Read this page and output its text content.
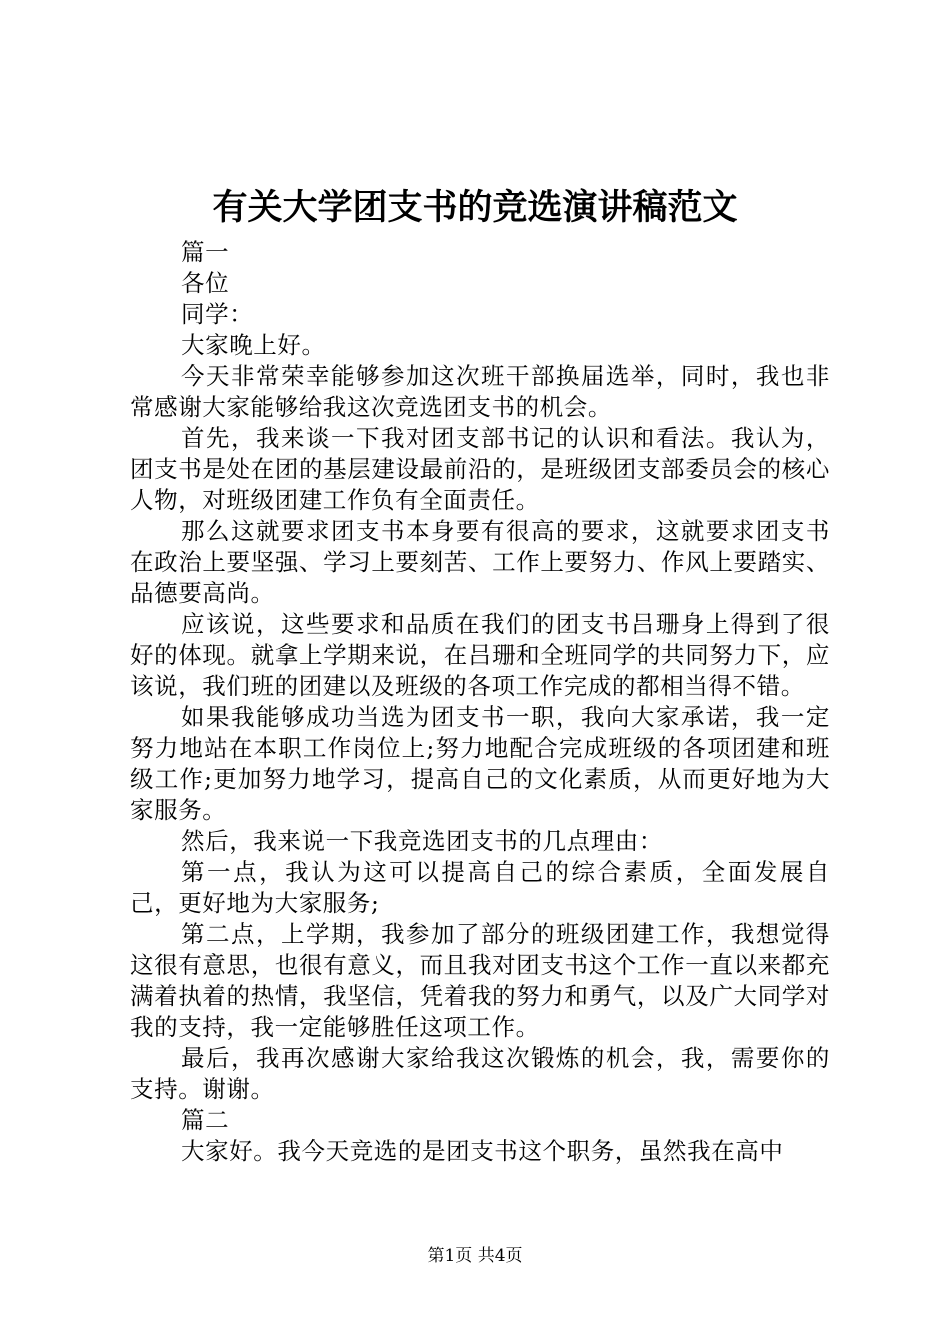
有关大学团支书的竞选演讲稿范文

篇一

各位

同学：

大家晚上好。

今天非常荣幸能够参加这次班干部换届选举，同时，我也非常感谢大家能够给我这次竞选团支书的机会。

首先，我来谈一下我对团支部书记的认识和看法。我认为，团支书是处在团的基层建设最前沿的，是班级团支部委员会的核心人物，对班级团建工作负有全面责任。

那么这就要求团支书本身要有很高的要求，这就要求团支书在政治上要坚强、学习上要刻苦、工作上要努力、作风上要踏实、品德要高尚。

应该说，这些要求和品质在我们的团支书吕珊身上得到了很好的体现。就拿上学期来说，在吕珊和全班同学的共同努力下，应该说，我们班的团建以及班级的各项工作完成的都相当得不错。

如果我能够成功当选为团支书一职，我向大家承诺，我一定努力地站在本职工作岗位上;努力地配合完成班级的各项团建和班级工作;更加努力地学习，提高自己的文化素质，从而更好地为大家服务。

然后，我来说一下我竞选团支书的几点理由：

第一点，我认为这可以提高自己的综合素质，全面发展自己，更好地为大家服务;

第二点，上学期，我参加了部分的班级团建工作，我想觉得这很有意思，也很有意义，而且我对团支书这个工作一直以来都充满着执着的热情，我坚信，凭着我的努力和勇气，以及广大同学对我的支持，我一定能够胜任这项工作。

最后，我再次感谢大家给我这次锻炼的机会，我，需要你的支持。谢谢。

篇二

大家好。我今天竞选的是团支书这个职务，虽然我在高中

第1页 共4页
